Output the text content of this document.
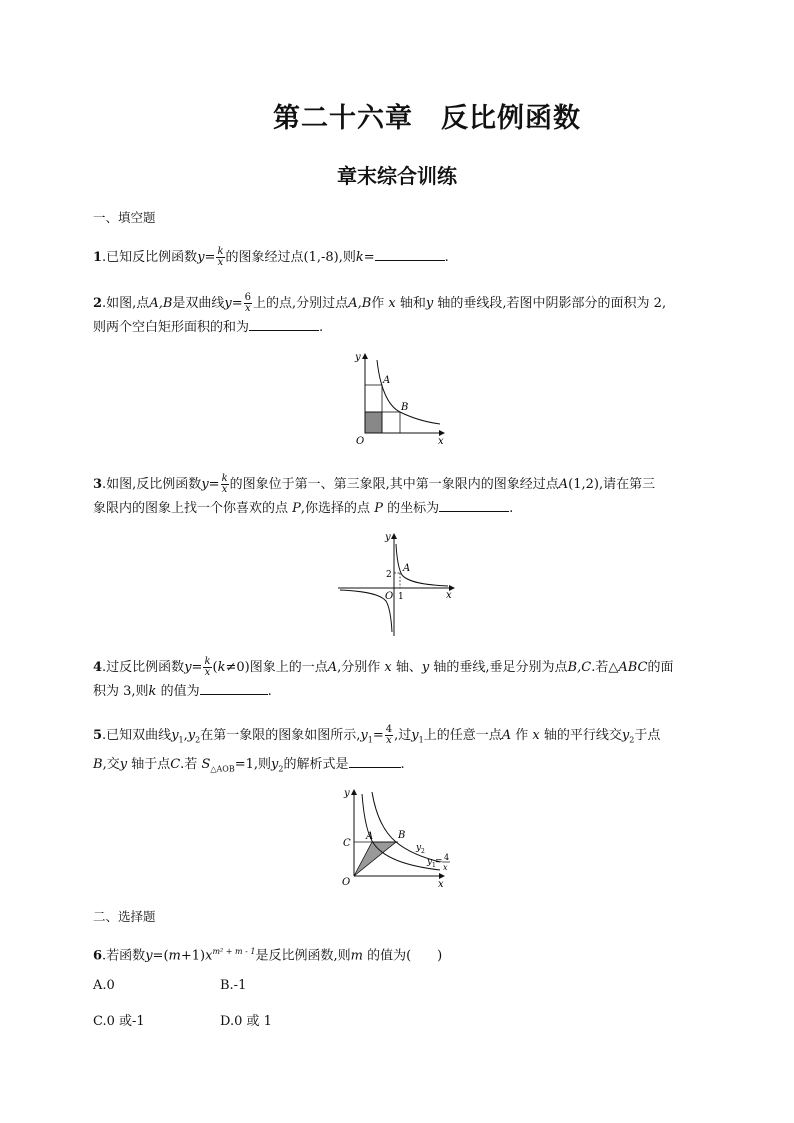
第二十六章　反比例函数
章末综合训练
一、填空题
1.已知反比例函数$y= \frac{k}{x}$ 的图象经过点(1,-8),则k=	.
2.如图,点A,B是双曲线$y= \frac{6}{x}$ 上的点,分别过点A,B作 x 轴和y 轴的垂线段,若图中阴影部分的面积为 2,
则两个空白矩形面积的和为	.
y
x
O
A
B
3.如图,反比例函数$y= \frac{k}{x}$ 的图象位于第一、第三象限,其中第一象限内的图象经过点A(1,2),请在第三
象限内的图象上找一个你喜欢的点 P,你选择的点 P 的坐标为	.
y
x
O
A
2
1
4.过反比例函数$y= \frac{k}{x} (k\ne 0)$图象上的一点A,分别作 x 轴、y 轴的垂线,垂足分别为点B,C.若△ABC的面
积为 3,则k 的值为	.
5.已知双曲线$y_1,y_2$在第一象限的图象如图所示$,y_1= \frac{4}{x}$ ,过$y_1$上的任意一点A 作 x 轴的平行线交$y_2$于点
B,交y 轴于点C.若 $S_{\triangle AOB}=1$,则$y_2$的解析式是	.
y
x
O
C
A B
y 2
y 1 = 4
x
二、选择题
6.若函数$y=(m+1)x^{m^2 + m - 1}$是反比例函数,则m 的值为(　　)
A.0	B.-1
C.0 或-1	D.0 或 1
